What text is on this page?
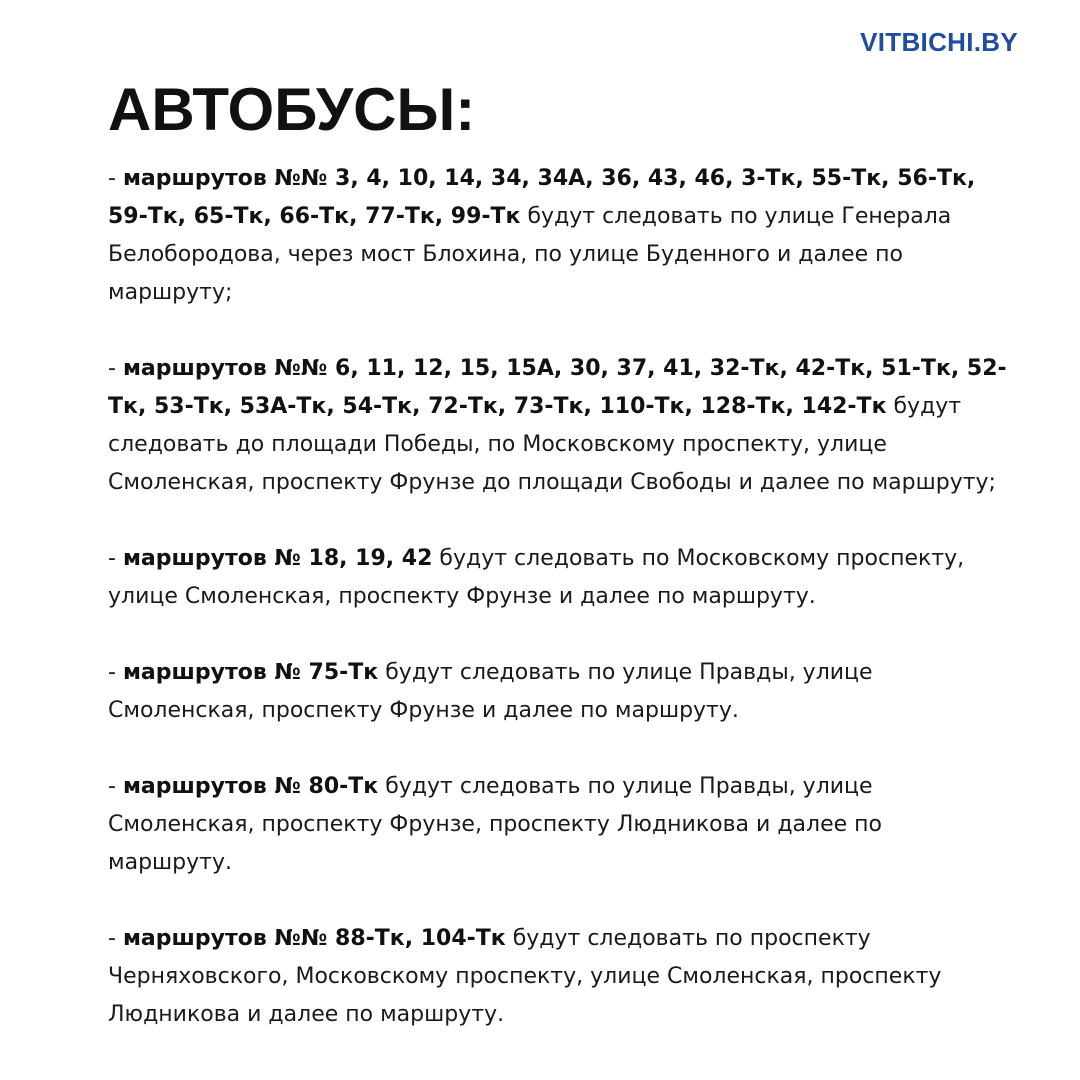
VITBICHI.BY
АВТОБУСЫ:
- маршрутов №№ 3, 4, 10, 14, 34, 34А, 36, 43, 46, 3-Тк, 55-Тк, 56-Тк, 59-Тк, 65-Тк, 66-Тк, 77-Тк, 99-Тк будут следовать по улице Генерала Белобородова, через мост Блохина, по улице Буденного и далее по маршруту;
- маршрутов №№ 6, 11, 12, 15, 15А, 30, 37, 41, 32-Тк, 42-Тк, 51-Тк, 52-Тк, 53-Тк, 53А-Тк, 54-Тк, 72-Тк, 73-Тк, 110-Тк, 128-Тк, 142-Тк будут следовать до площади Победы, по Московскому проспекту, улице Смоленская, проспекту Фрунзе до площади Свободы и далее по маршруту;
- маршрутов № 18, 19, 42 будут следовать по Московскому проспекту, улице Смоленская, проспекту Фрунзе и далее по маршруту.
- маршрутов № 75-Тк будут следовать по улице Правды, улице Смоленская, проспекту Фрунзе и далее по маршруту.
- маршрутов № 80-Тк будут следовать по улице Правды, улице Смоленская, проспекту Фрунзе, проспекту Людникова и далее по маршруту.
- маршрутов №№ 88-Тк, 104-Тк будут следовать по проспекту Черняховского, Московскому проспекту, улице Смоленская, проспекту Людникова и далее по маршруту.
